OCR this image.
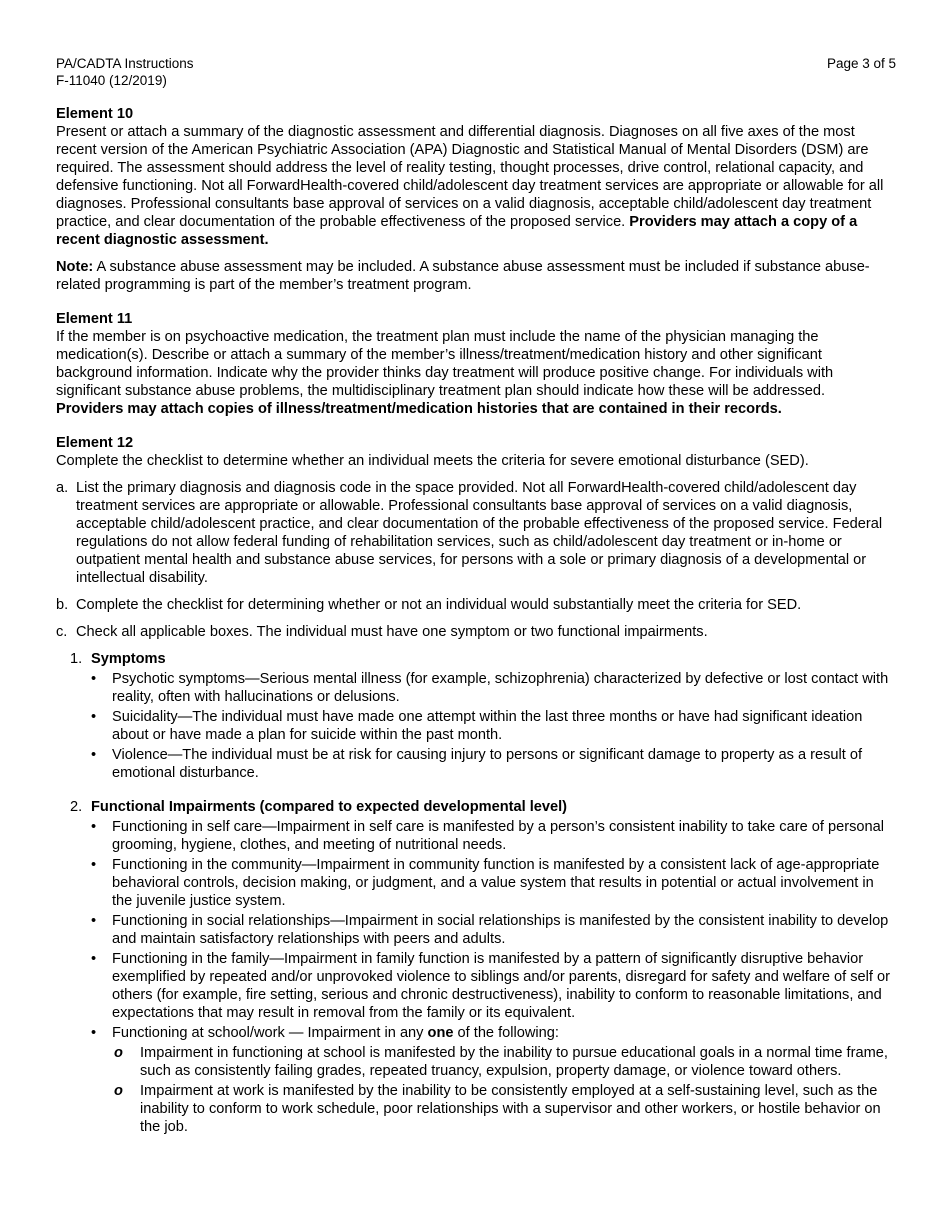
PA/CADTA Instructions
F-11040 (12/2019)
Page 3 of 5

Element 10

Present or attach a summary of the diagnostic assessment and differential diagnosis. Diagnoses on all five axes of the most recent version of the American Psychiatric Association (APA) Diagnostic and Statistical Manual of Mental Disorders (DSM) are required. The assessment should address the level of reality testing, thought processes, drive control, relational capacity, and defensive functioning. Not all ForwardHealth-covered child/adolescent day treatment services are appropriate or allowable for all diagnoses. Professional consultants base approval of services on a valid diagnosis, acceptable child/adolescent day treatment practice, and clear documentation of the probable effectiveness of the proposed service. Providers may attach a copy of a recent diagnostic assessment.

Note: A substance abuse assessment may be included. A substance abuse assessment must be included if substance abuse-related programming is part of the member’s treatment program.

Element 11

If the member is on psychoactive medication, the treatment plan must include the name of the physician managing the medication(s). Describe or attach a summary of the member’s illness/treatment/medication history and other significant background information. Indicate why the provider thinks day treatment will produce positive change. For individuals with significant substance abuse problems, the multidisciplinary treatment plan should indicate how these will be addressed. Providers may attach copies of illness/treatment/medication histories that are contained in their records.

Element 12

Complete the checklist to determine whether an individual meets the criteria for severe emotional disturbance (SED).

a. List the primary diagnosis and diagnosis code in the space provided. Not all ForwardHealth-covered child/adolescent day treatment services are appropriate or allowable. Professional consultants base approval of services on a valid diagnosis, acceptable child/adolescent practice, and clear documentation of the probable effectiveness of the proposed service. Federal regulations do not allow federal funding of rehabilitation services, such as child/adolescent day treatment or in-home or outpatient mental health and substance abuse services, for persons with a sole or primary diagnosis of a developmental or intellectual disability.
b. Complete the checklist for determining whether or not an individual would substantially meet the criteria for SED.
c. Check all applicable boxes. The individual must have one symptom or two functional impairments.
1. Symptoms
• Psychotic symptoms—Serious mental illness (for example, schizophrenia) characterized by defective or lost contact with reality, often with hallucinations or delusions.
• Suicidality—The individual must have made one attempt within the last three months or have had significant ideation about or have made a plan for suicide within the past month.
• Violence—The individual must be at risk for causing injury to persons or significant damage to property as a result of emotional disturbance.
2. Functional Impairments (compared to expected developmental level)
• Functioning in self care—Impairment in self care is manifested by a person’s consistent inability to take care of personal grooming, hygiene, clothes, and meeting of nutritional needs.
• Functioning in the community—Impairment in community function is manifested by a consistent lack of age-appropriate behavioral controls, decision making, or judgment, and a value system that results in potential or actual involvement in the juvenile justice system.
• Functioning in social relationships—Impairment in social relationships is manifested by the consistent inability to develop and maintain satisfactory relationships with peers and adults.
• Functioning in the family—Impairment in family function is manifested by a pattern of significantly disruptive behavior exemplified by repeated and/or unprovoked violence to siblings and/or parents, disregard for safety and welfare of self or others (for example, fire setting, serious and chronic destructiveness), inability to conform to reasonable limitations, and expectations that may result in removal from the family or its equivalent.
• Functioning at school/work — Impairment in any one of the following:
o Impairment in functioning at school is manifested by the inability to pursue educational goals in a normal time frame, such as consistently failing grades, repeated truancy, expulsion, property damage, or violence toward others.
o Impairment at work is manifested by the inability to be consistently employed at a self-sustaining level, such as the inability to conform to work schedule, poor relationships with a supervisor and other workers, or hostile behavior on the job.
